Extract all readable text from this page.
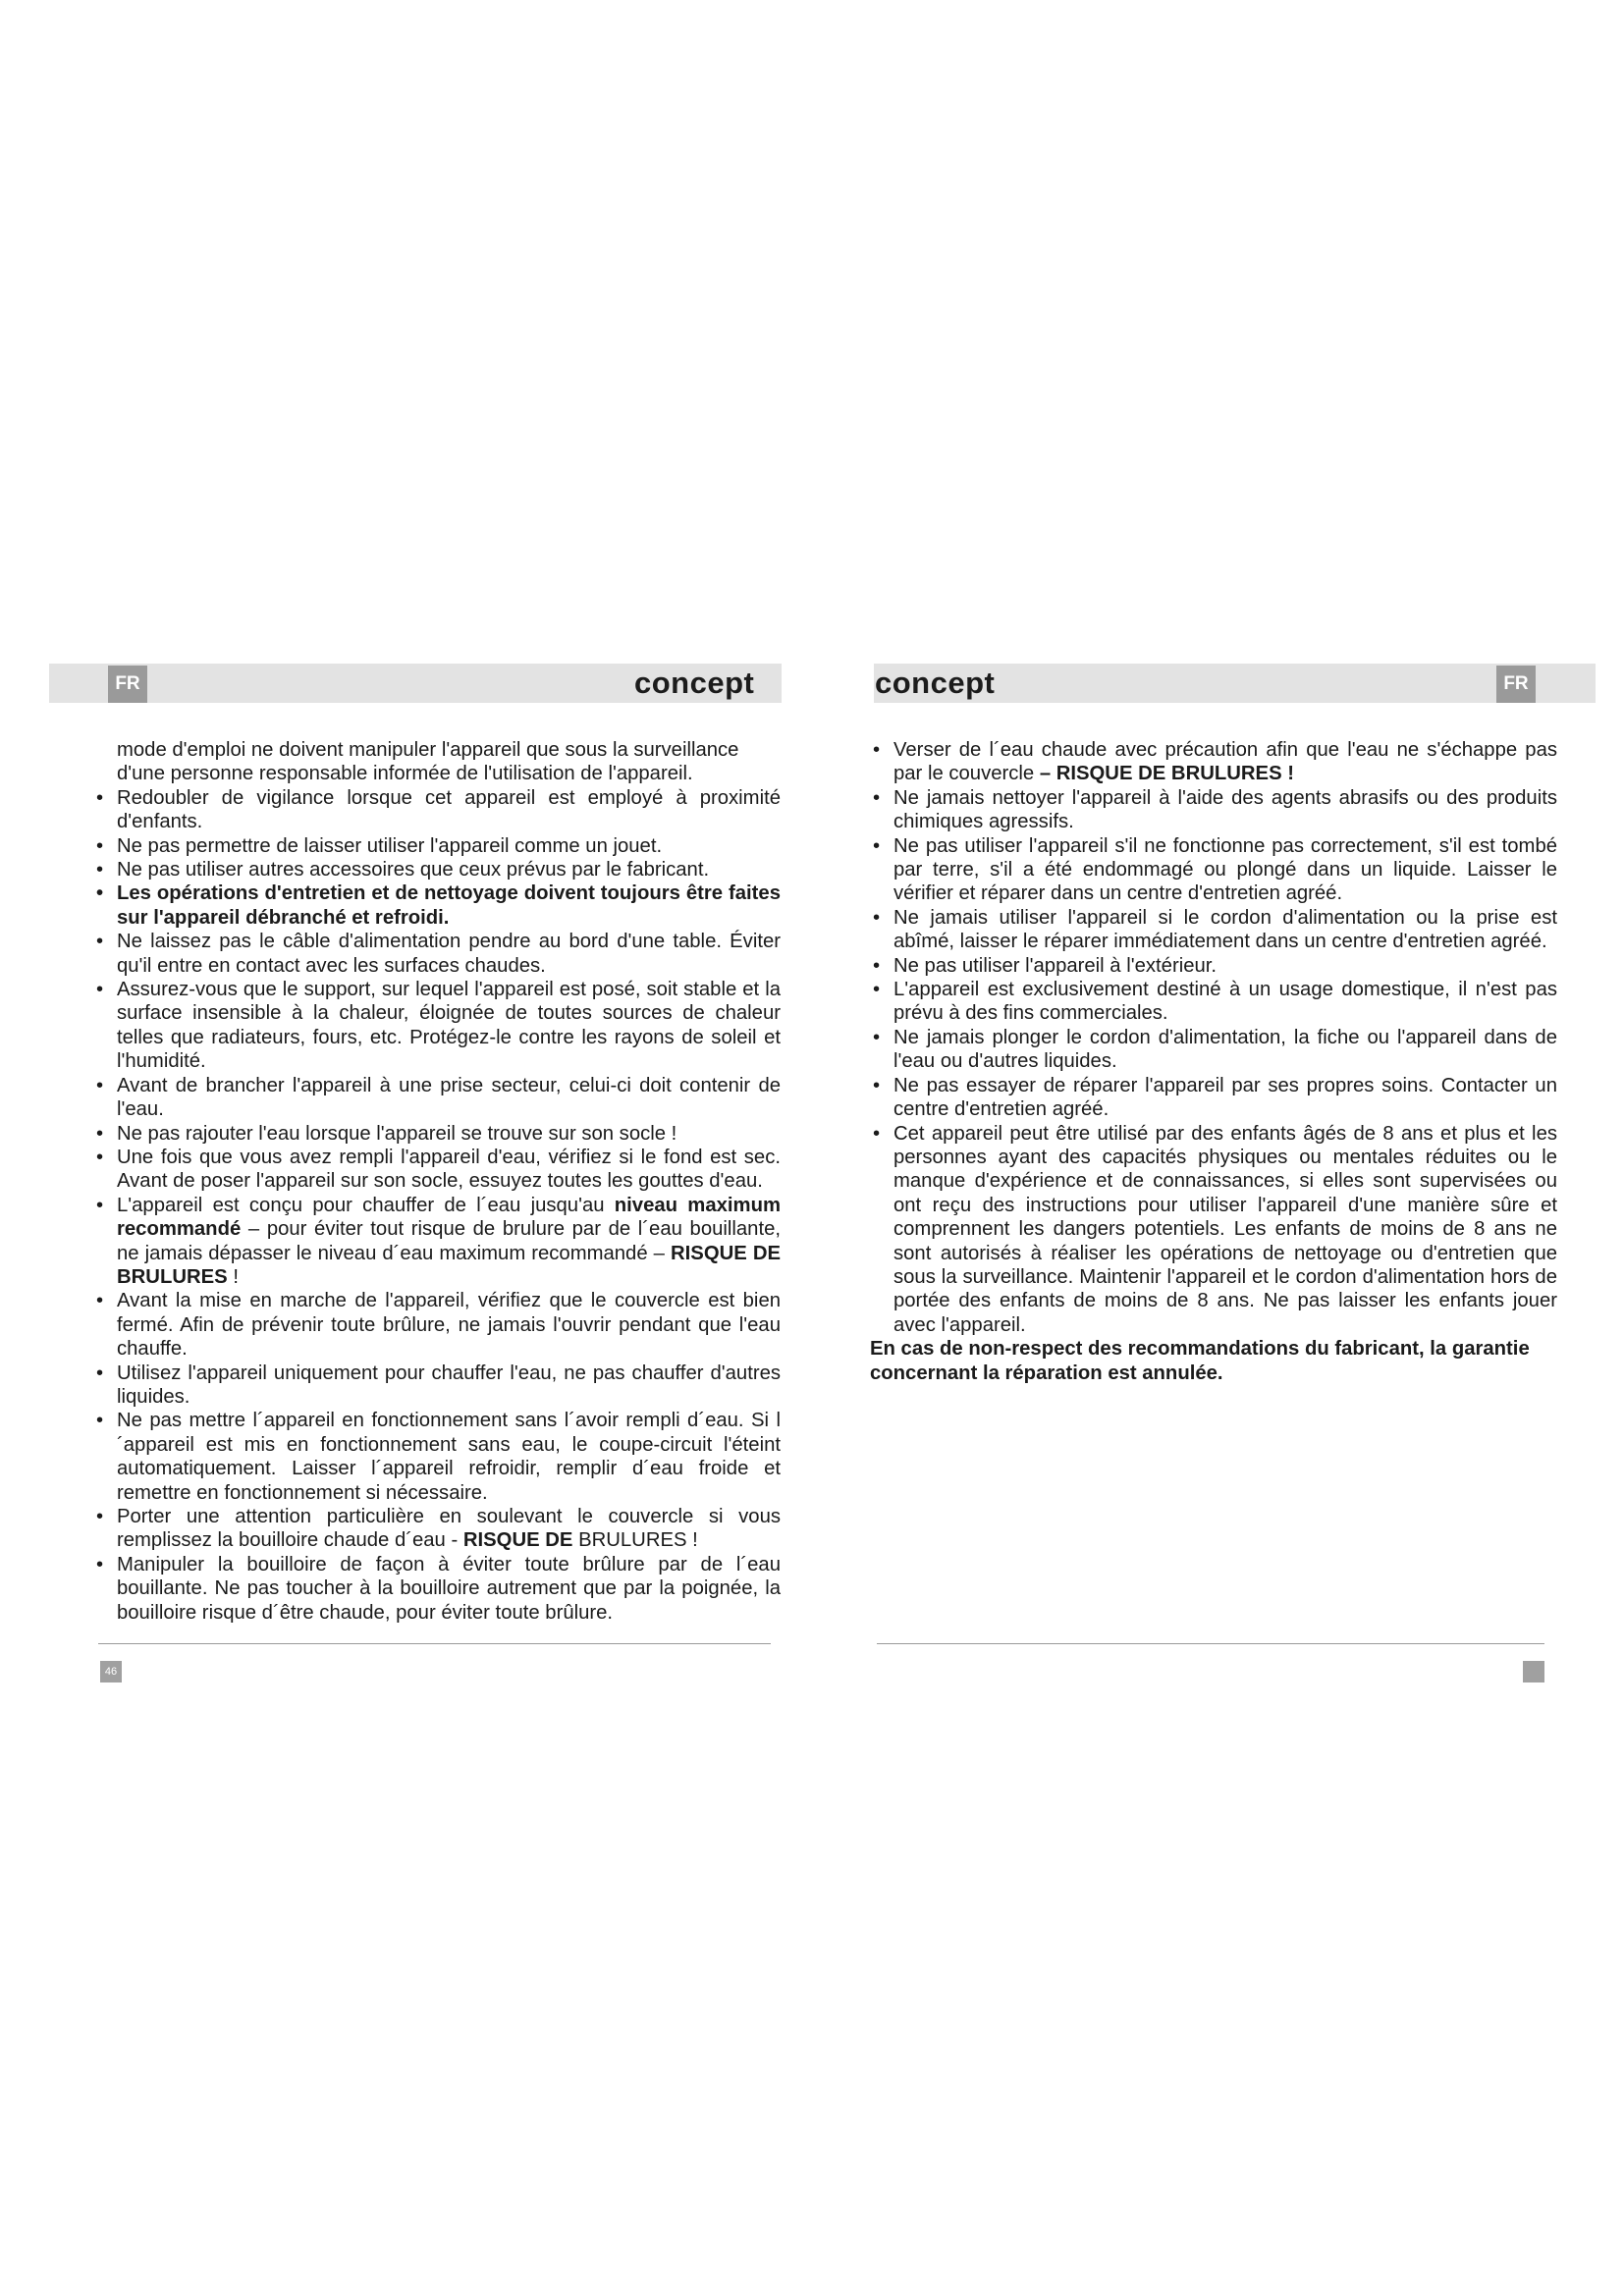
FR	FR
concept	concept

mode d'emploi ne doivent manipuler l'appareil que sous la surveillance d'une personne responsable informée de l'utilisation de l'appareil.

• Redoubler de vigilance lorsque cet appareil est employé à proximité d'enfants.
• Ne pas permettre de laisser utiliser l'appareil comme un jouet.
• Ne pas utiliser autres accessoires que ceux prévus par le fabricant.
• Les opérations d'entretien et de nettoyage doivent toujours être faites sur l'appareil débranché et refroidi.
• Ne laissez pas le câble d'alimentation pendre au bord d'une table. Éviter qu'il entre en contact avec les surfaces chaudes.
• Assurez-vous que le support, sur lequel l'appareil est posé, soit stable et la surface insensible à la chaleur, éloignée de toutes sources de chaleur telles que radiateurs, fours, etc. Protégez-le contre les rayons de soleil et l'humidité.
• Avant de brancher l'appareil à une prise secteur, celui-ci doit contenir de l'eau.
• Ne pas rajouter l'eau lorsque l'appareil se trouve sur son socle !
• Une fois que vous avez rempli l'appareil d'eau, vérifiez si le fond est sec. Avant de poser l'appareil sur son socle, essuyez toutes les gouttes d'eau.
• L'appareil est conçu pour chauffer de l´eau jusqu'au niveau maximum recommandé – pour éviter tout risque de brulure par de l´eau bouillante, ne jamais dépasser le niveau d´eau maximum recommandé – RISQUE DE BRULURES !
• Avant la mise en marche de l'appareil, vérifiez que le couvercle est bien fermé. Afin de prévenir toute brûlure, ne jamais l'ouvrir pendant que l'eau chauffe.
• Utilisez l'appareil uniquement pour chauffer l'eau, ne pas chauffer d'autres liquides.
• Ne pas mettre l´appareil en fonctionnement sans l´avoir rempli d´eau. Si l´appareil est mis en fonctionnement sans eau, le coupe-circuit l'éteint automatiquement. Laisser l´appareil refroidir, remplir d´eau froide et remettre en fonctionnement si nécessaire.
• Porter une attention particulière en soulevant le couvercle si vous remplissez la bouilloire chaude d´eau - RISQUE DE BRULURES !
• Manipuler la bouilloire de façon à éviter toute brûlure par de l´eau bouillante. Ne pas toucher à la bouilloire autrement que par la poignée, la bouilloire risque d´être chaude, pour éviter toute brûlure.
• Verser de l´eau chaude avec précaution afin que l'eau ne s'échappe pas par le couvercle – RISQUE DE BRULURES !
• Ne jamais nettoyer l'appareil à l'aide des agents abrasifs ou des produits chimiques agressifs.
• Ne pas utiliser l'appareil s'il ne fonctionne pas correctement, s'il est tombé par terre, s'il a été endommagé ou plongé dans un liquide. Laisser le vérifier et réparer dans un centre d'entretien agréé.
• Ne jamais utiliser l'appareil si le cordon d'alimentation ou la prise est abîmé, laisser le réparer immédiatement dans un centre d'entretien agréé.
• Ne pas utiliser l'appareil à l'extérieur.
• L'appareil est exclusivement destiné à un usage domestique, il n'est pas prévu à des fins commerciales.
• Ne jamais plonger le cordon d'alimentation, la fiche ou l'appareil dans de l'eau ou d'autres liquides.
• Ne pas essayer de réparer l'appareil par ses propres soins. Contacter un centre d'entretien agréé.
• Cet appareil peut être utilisé par des enfants âgés de 8 ans et plus et les personnes ayant des capacités physiques ou mentales réduites ou le manque d'expérience et de connaissances, si elles sont supervisées ou ont reçu des instructions pour utiliser l'appareil d'une manière sûre et comprennent les dangers potentiels. Les enfants de moins de 8 ans ne sont autorisés à réaliser les opérations de nettoyage ou d'entretien que sous la surveillance. Maintenir l'appareil et le cordon d'alimentation hors de portée des enfants de moins de 8 ans. Ne pas laisser les enfants jouer avec l'appareil.

En cas de non-respect des recommandations du fabricant, la garantie concernant la réparation est annulée.

46
